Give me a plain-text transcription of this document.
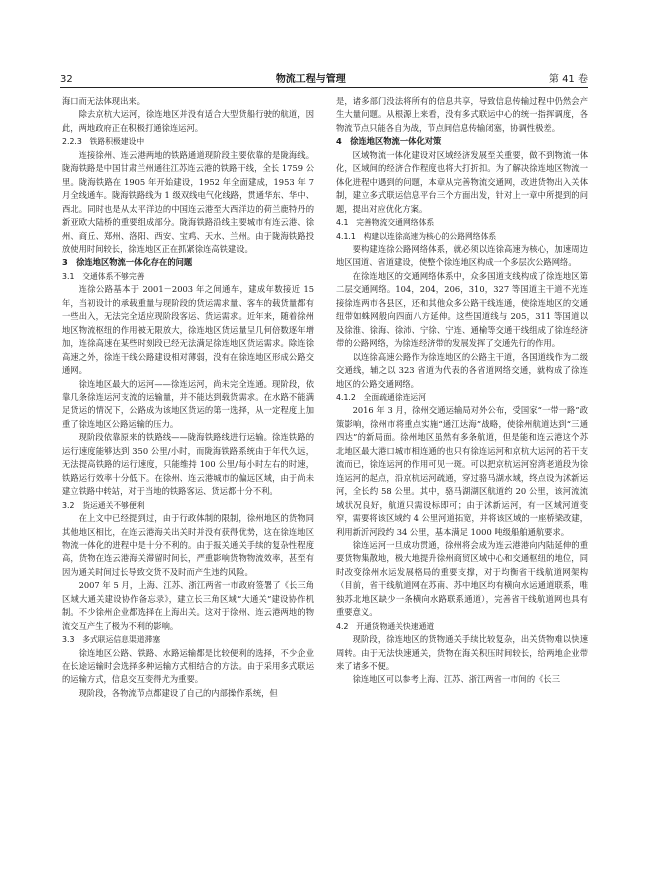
32	物流工程与管理	第 41 卷

海口而无法体现出来。

除去京杭大运河，徐连地区并没有适合大型货船行驶的航道，因此，两地政府正在积极打通徐连运河。

2.2.3　铁路积极建设中

连接徐州、连云港两地的铁路通道现阶段主要依靠的是陇海线。陇海铁路是中国甘肃兰州通往江苏连云港的铁路干线，全长 1759 公里。陇海铁路在 1905 年开始建设，1952 年全面建成，1953 年 7 月全线通车。陇海铁路线为 1 级双线电气化线路，贯通华东、华中、西北。同时也是从太平洋边的中国连云港至大西洋边的荷兰鹿特丹的新亚欧大陆桥的重要组成部分。陇海铁路沿线主要城市有连云港、徐州、商丘、郑州、洛阳、西安、宝鸡、天水、兰州。由于陇海铁路投放使用时间较长，徐连地区正在抓紧徐连高铁建设。

3　徐连地区物流一体化存在的问题
3.1　交通体系不够完善

连徐公路基本于 2001－2003 年之间通车，建成年数接近 15 年，当初设计的承载重量与现阶段的货运需求量、客车的载货量都有一些出入，无法完全适应现阶段客运、货运需求。近年来，随着徐州地区物流枢纽的作用被无限放大，徐连地区货运量呈几何倍数逐年增加，连徐高速在某些时刻段已经无法满足徐连地区货运需求。除连徐高速之外，徐连干线公路建设相对薄弱，没有在徐连地区形成公路交通网。

徐连地区最大的运河——徐连运河，尚未完全连通。现阶段，依靠几条徐连运河支流的运输量，并不能达到载货需求。在水路不能满足货运的情况下，公路成为该地区货运的第一选择，从一定程度上加重了徐连地区公路运输的压力。

现阶段依靠原来的铁路线——陇海铁路线进行运输。徐连铁路的运行速度能够达到 350 公里/小时，而陇海铁路系统由于年代久远，无法提高铁路的运行速度，只能维持 100 公里/每小时左右的时速，铁路运行效率十分低下。在徐州、连云港城市的偏远区域，由于尚未建立铁路中转站，对于当地的铁路客运、货运都十分不利。

3.2　货运通关不够便利

在上文中已经提到过，由于行政体制的限制，徐州地区的货物同其他地区相比，在连云港海关出关时并没有获得优势，这在徐连地区物流一体化的进程中是十分不利的。由于报关通关手续的复杂性程度高，货物在连云港海关滞留时间长，严重影响货物物流效率，甚至有因为通关时间过长导致交货不及时而产生违约风险。

2007 年 5 月，上海、江苏、浙江两省一市政府签署了《长三角区域大通关建设协作备忘录》，建立长三角区域“大通关”建设协作机制。不少徐州企业都选择在上海出关。这对于徐州、连云港两地的物流交互产生了极为不利的影响。

3.3　多式联运信息渠道滞塞

徐连地区公路、铁路、水路运输都是比较便利的选择，不少企业在长途运输时会选择多种运输方式相结合的方法。由于采用多式联运的运输方式，信息交互变得尤为重要。

现阶段，各物流节点都建设了自己的内部操作系统，但

是，诸多部门没法将所有的信息共享，导致信息传输过程中仍然会产生大量问题。从根源上来看，没有多式联运中心的统一指挥调度，各物流节点只能各自为战，节点间信息传输闭塞，协调性极差。

4　徐连地区物流一体化对策

区域物流一体化建设对区域经济发展至关重要，做不到物流一体化，区域间的经济合作程度也将大打折扣。为了解决徐连地区物流一体化进程中遇到的问题，本章从完善物流交通网，改进货物出入关体制，建立多式联运信息平台三个方面出发，针对上一章中所提到的问题，提出对应优化方案。

4.1　完善物流交通网络体系
4.1.1　构建以连徐高速为核心的公路网络体系

要构建连徐公路网络体系，就必须以连徐高速为核心，加速周边地区国道、省道建设，使整个徐连地区构成一个多层次公路网络。

在徐连地区的交通网络体系中，众多国道支线构成了徐连地区第二层交通网络。104，204，206，310，327 等国道主干道不光连接徐连两市各县区，还和其他众多公路干线连通，使徐连地区的交通纽带如蛛网般向四面八方延伸。这些国道线与 205，311 等国道以及徐淮、徐海、徐沛、宁徐、宁连、通榆等交通干线组成了徐连经济带的公路网络，为徐连经济带的发展发挥了交通先行的作用。

以连徐高速公路作为徐连地区的公路主干道，各国道线作为二级交通线，辅之以 323 省道为代表的各省道网络交通，就构成了徐连地区的公路交通网络。

4.1.2　全面疏通徐连运河

2016 年 3 月，徐州交通运输局对外公布，受国家“一带一路”政策影响，徐州市将重点实施“通江达海”战略，使徐州航道达到“三通四达”的新局面。徐州地区虽然有多条航道，但是能和连云港这个苏北地区最大港口城市相连通的也只有徐连运河和京杭大运河的若干支流而已，徐连运河的作用可见一斑。可以把京杭运河窑湾老道段为徐连运河的起点，沿京杭运河疏通，穿过骆马湖水域，终点设为沭新运河，全长约 58 公里。其中，骆马湖湖区航道约 20 公里，该河流流域状况良好，航道只需设标即可；由于沭新运河，有一区域河道变窄，需要将该区域约 4 公里河道拓宽，并将该区域的一座桥梁改建，利用新沂河段约 34 公里，基本满足 1000 吨级船舶通航要求。

徐连运河一旦成功贯通，徐州将会成为连云港港向内陆延伸的重要货物集散地，极大地提升徐州商贸区域中心和交通枢纽的地位，同时改变徐州水运发展格局的重要支撑，对于均衡省干线航道网架构（目前，省干线航道网在苏南、苏中地区均有横向水运通道联系，唯独苏北地区缺少一条横向水路联系通道），完善省干线航道网也具有重要意义。

4.2　开通货物通关快速通道

现阶段，徐连地区的货物通关手续比较复杂，出关货物难以快速周转。由于无法快速通关，货物在海关积压时间较长，给两地企业带来了诸多不便。

徐连地区可以参考上海、江苏、浙江两省一市间的《长三
